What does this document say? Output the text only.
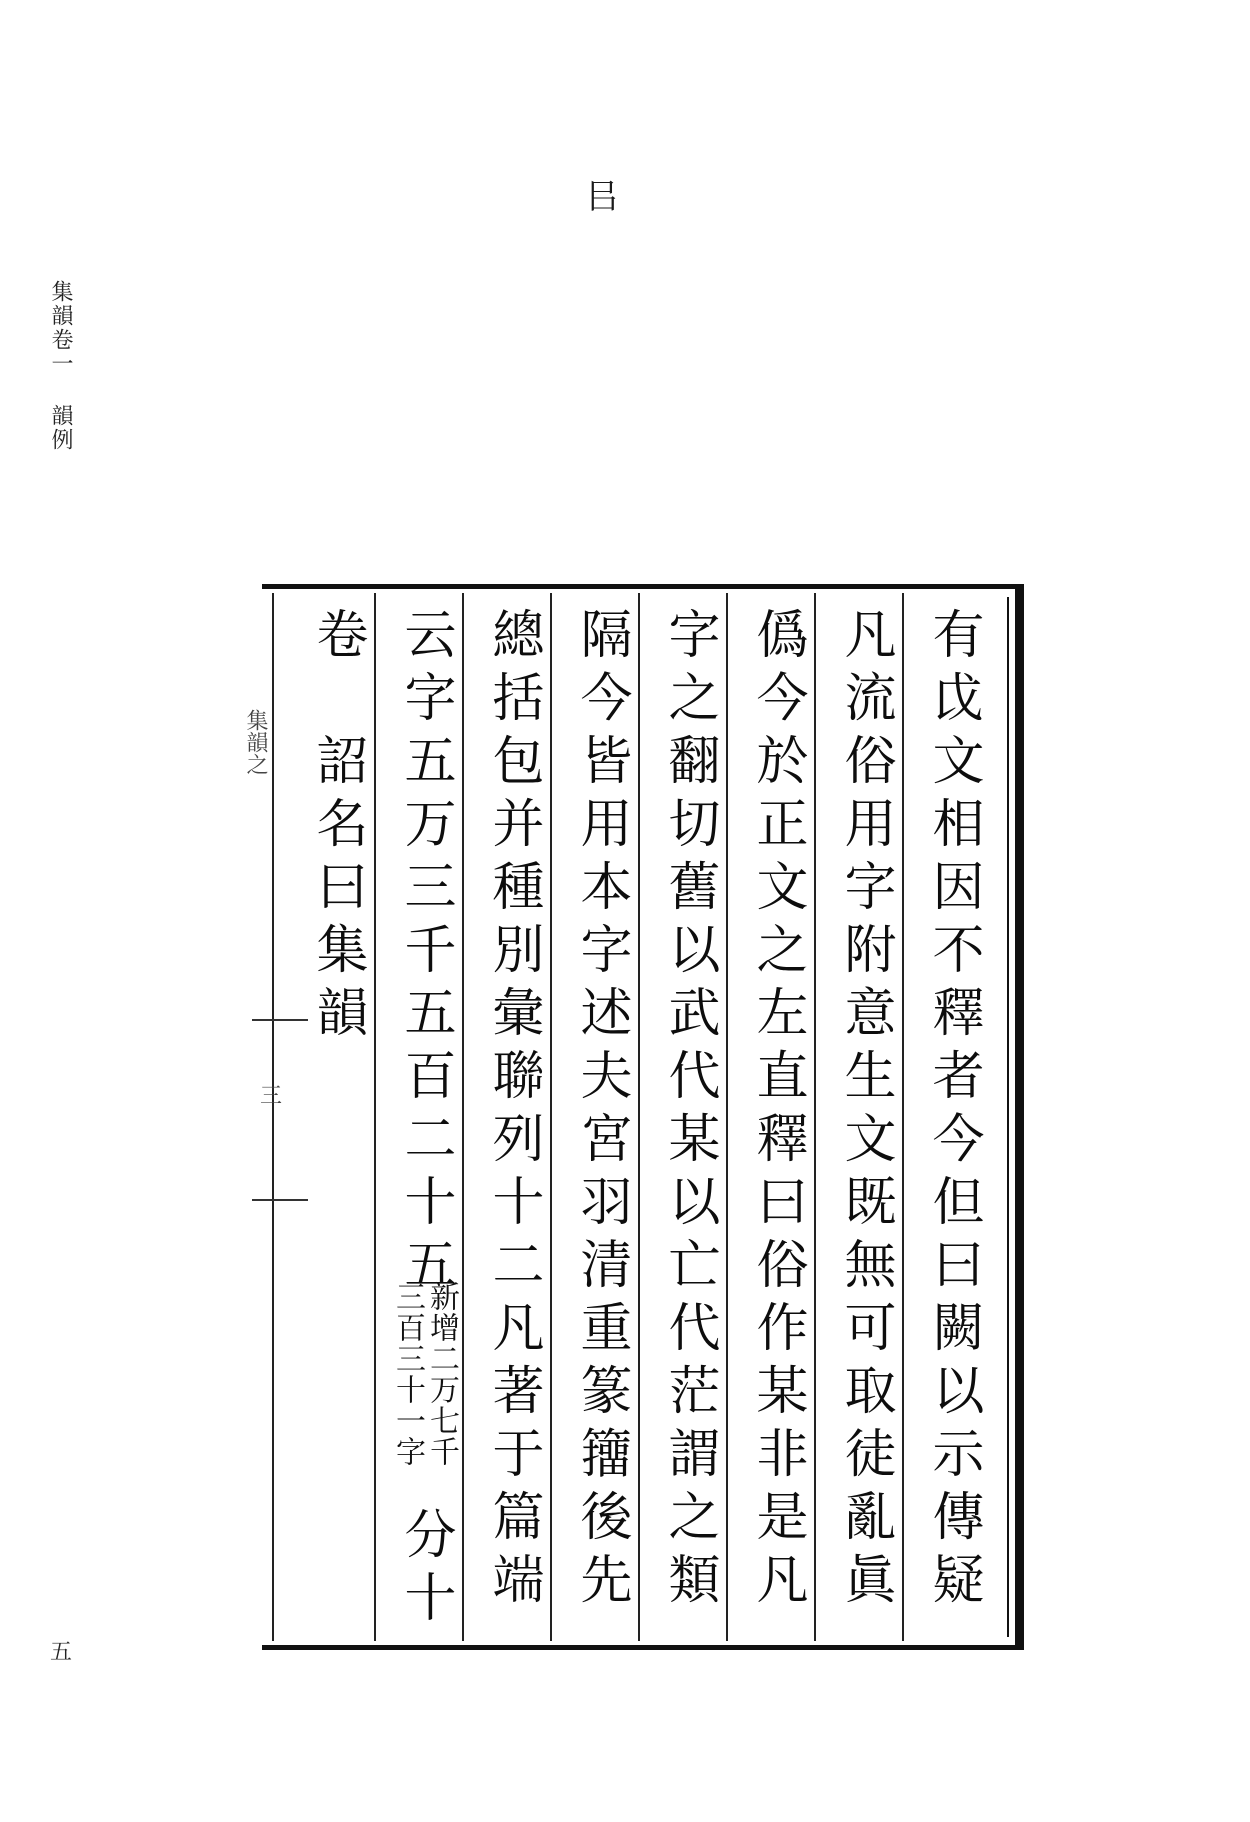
集韻卷一韻例
五
㠯
有戉文相因不釋者今但曰闕以示傳疑
凡流俗用字附意生文既無可取徒亂眞
僞今於正文之左直釋曰俗作某非是凡
字之翻切舊以武代某以亡代茫謂之類
隔今皆用本字述夫宮羽清重篆籒後先
總括包并種別彙聯列十二凡著于篇端
云字五万三千五百二十五
新增二万七千
三百三十一字
分十
卷　詔名曰集韻
集韻之
三
